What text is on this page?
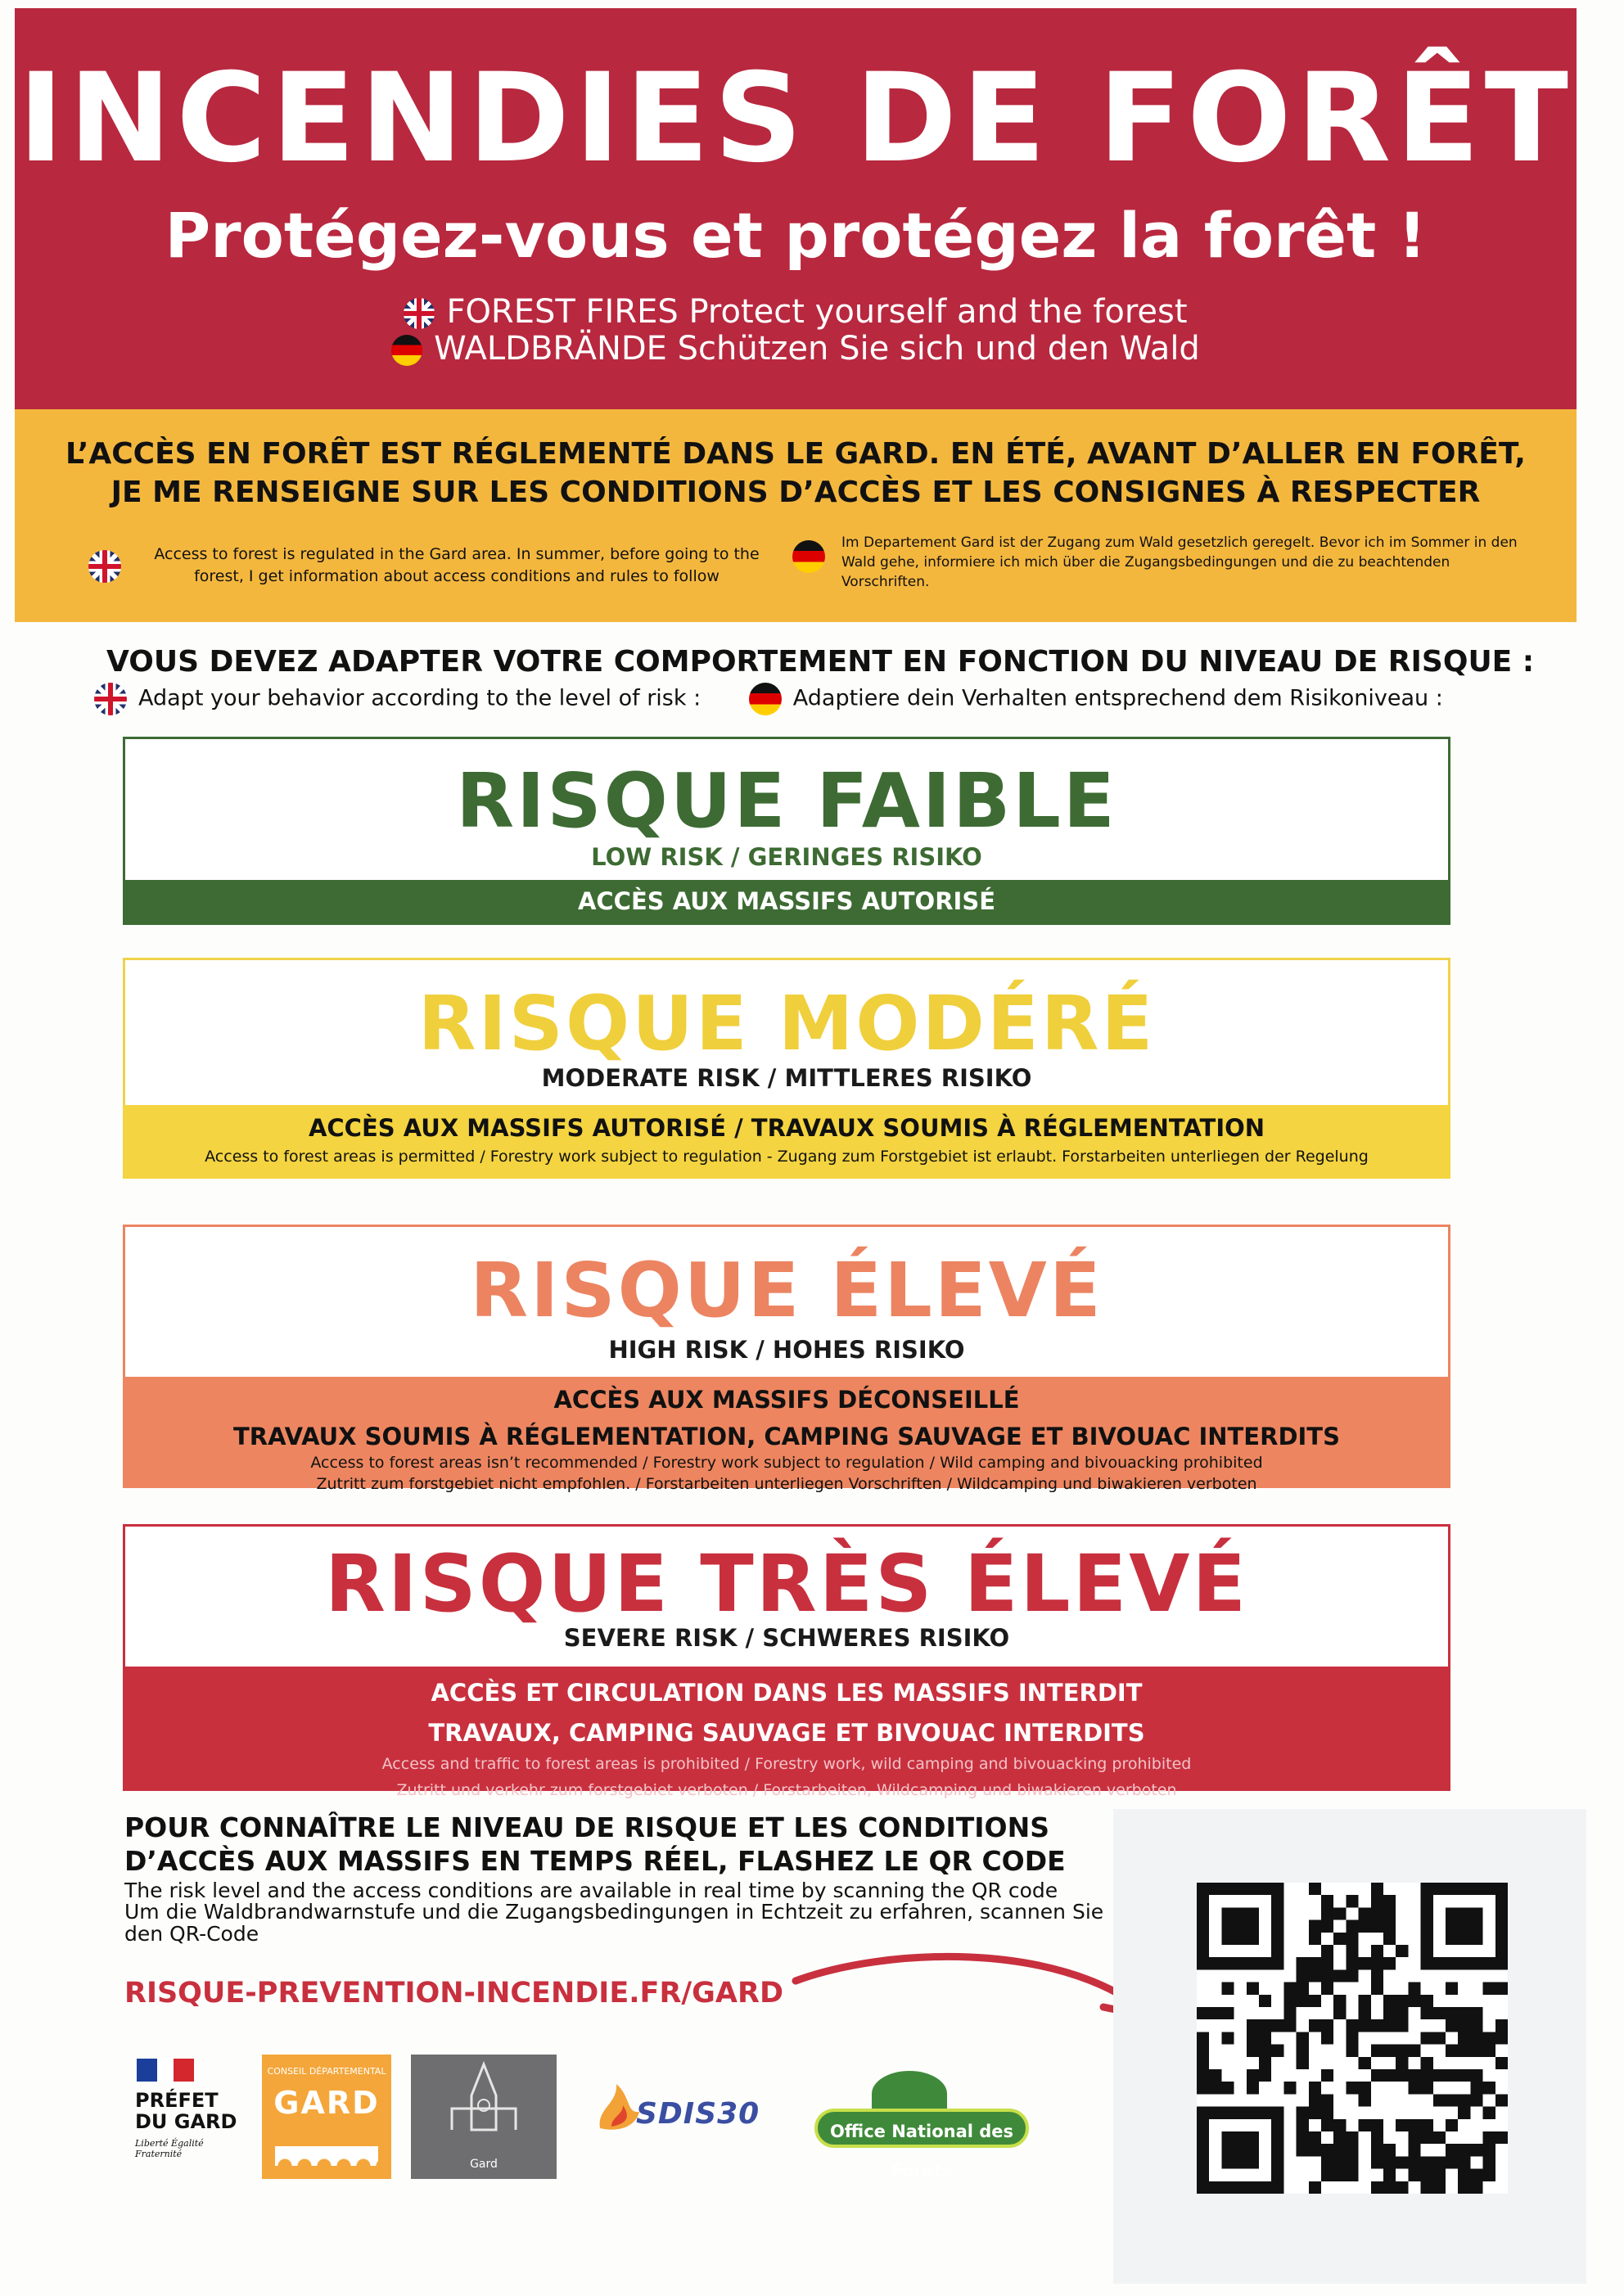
INCENDIES DE FORÊT
Protégez-vous et protégez la forêt !
FOREST FIRES Protect yourself and the forest
WALDBRÄNDE Schützen Sie sich und den Wald
L’ACCÈS EN FORÊT EST RÉGLEMENTÉ DANS LE GARD. EN ÉTÉ, AVANT D’ALLER EN FORÊT, JE ME RENSEIGNE SUR LES CONDITIONS D’ACCÈS ET LES CONSIGNES À RESPECTER
Access to forest is regulated in the Gard area. In summer, before going to the forest, I get information about access conditions and rules to follow
Im Departement Gard ist der Zugang zum Wald gesetzlich geregelt. Bevor ich im Sommer in den Wald gehe, informiere ich mich über die Zugangsbedingungen und die zu beachtenden Vorschriften.
VOUS DEVEZ ADAPTER VOTRE COMPORTEMENT EN FONCTION DU NIVEAU DE RISQUE :
Adapt your behavior according to the level of risk :	Adaptiere dein Verhalten entsprechend dem Risikoniveau :
RISQUE FAIBLE
LOW RISK / GERINGES RISIKO
ACCÈS AUX MASSIFS AUTORISÉ
RISQUE MODÉRÉ
MODERATE RISK / MITTLERES RISIKO
ACCÈS AUX MASSIFS AUTORISÉ / TRAVAUX SOUMIS À RÉGLEMENTATION
Access to forest areas is permitted / Forestry work subject to regulation - Zugang zum Forstgebiet ist erlaubt. Forstarbeiten unterliegen der Regelung
RISQUE ÉLEVÉ
HIGH RISK / HOHES RISIKO
ACCÈS AUX MASSIFS DÉCONSEILLÉ
TRAVAUX SOUMIS À RÉGLEMENTATION, CAMPING SAUVAGE ET BIVOUAC INTERDITS
Access to forest areas isn’t recommended / Forestry work subject to regulation / Wild camping and bivouacking prohibited
Zutritt zum forstgebiet nicht empfohlen. / Forstarbeiten unterliegen Vorschriften / Wildcamping und biwakieren verboten
RISQUE TRÈS ÉLEVÉ
SEVERE RISK / SCHWERES RISIKO
ACCÈS ET CIRCULATION DANS LES MASSIFS INTERDIT
TRAVAUX, CAMPING SAUVAGE ET BIVOUAC INTERDITS
Access and traffic to forest areas is prohibited / Forestry work, wild camping and bivouacking prohibited
Zutritt und verkehr zum forstgebiet verboten / Forstarbeiten, Wildcamping und biwakieren verboten
POUR CONNAÎTRE LE NIVEAU DE RISQUE ET LES CONDITIONS
D’ACCÈS AUX MASSIFS EN TEMPS RÉEL, FLASHEZ LE QR CODE
The risk level and the access conditions are available in real time by scanning the QR code
Um die Waldbrandwarnstufe und die Zugangsbedingungen in Echtzeit zu erfahren, scannen Sie den QR-Code
RISQUE-PREVENTION-INCENDIE.FR/GARD
PRÉFET DU GARD
Liberté Égalité Fraternité
CONSEIL DÉPARTEMENTAL
GARD
Gard
SDIS30
Office National des Forêts
